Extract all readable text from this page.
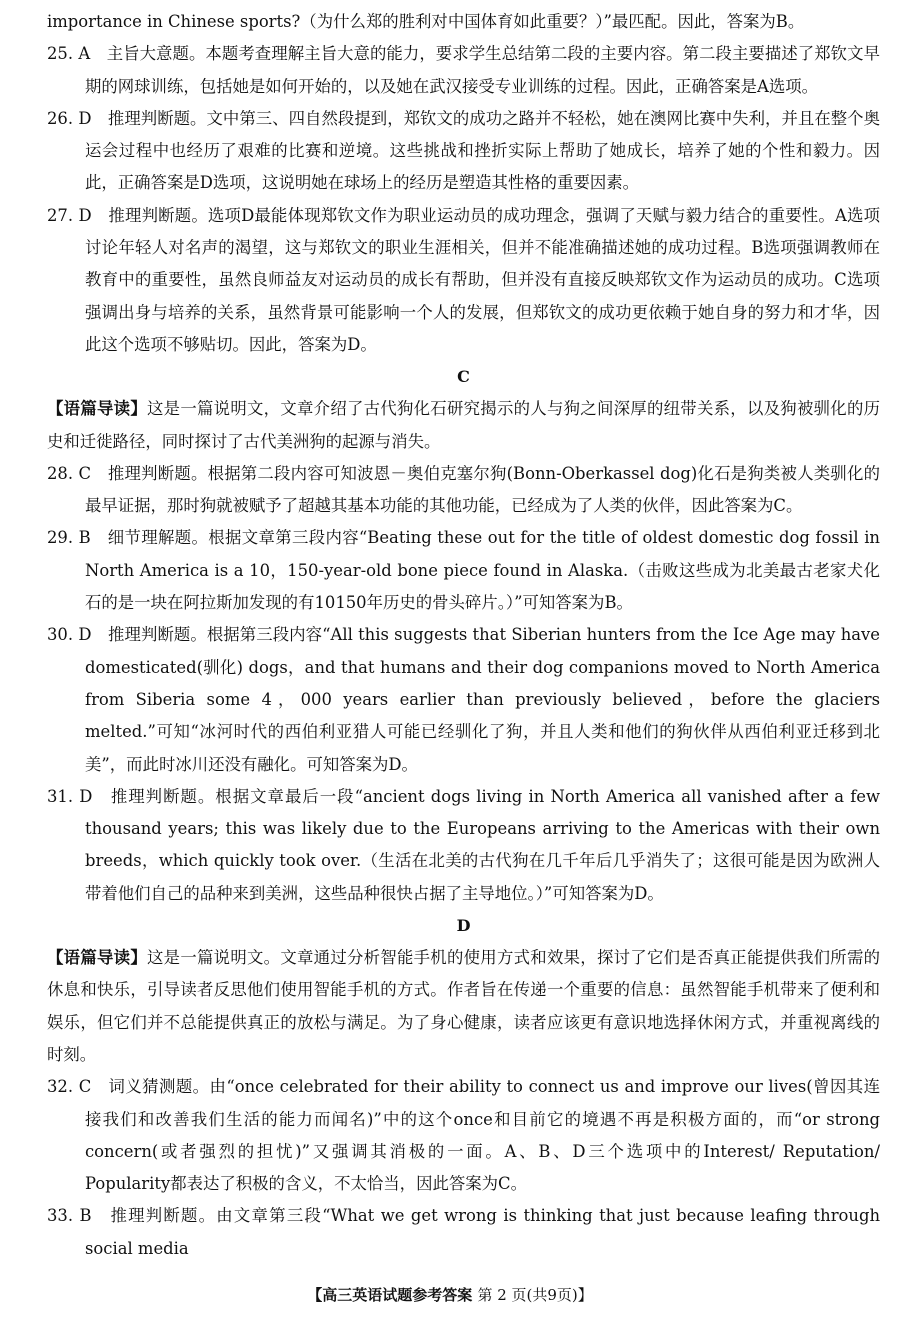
importance in Chinese sports?（为什么郑的胜利对中国体育如此重要？）”最匹配。因此，答案为B。

25. A　主旨大意题。本题考查理解主旨大意的能力，要求学生总结第二段的主要内容。第二段主要描述了郑钦文早期的网球训练，包括她是如何开始的，以及她在武汉接受专业训练的过程。因此，正确答案是A选项。

26. D　推理判断题。文中第三、四自然段提到，郑钦文的成功之路并不轻松，她在澳网比赛中失利，并且在整个奥运会过程中也经历了艰难的比赛和逆境。这些挑战和挫折实际上帮助了她成长，培养了她的个性和毅力。因此，正确答案是D选项，这说明她在球场上的经历是塑造其性格的重要因素。

27. D　推理判断题。选项D最能体现郑钦文作为职业运动员的成功理念，强调了天赋与毅力结合的重要性。A选项讨论年轻人对名声的渴望，这与郑钦文的职业生涯相关，但并不能准确描述她的成功过程。B选项强调教师在教育中的重要性，虽然良师益友对运动员的成长有帮助，但并没有直接反映郑钦文作为运动员的成功。C选项强调出身与培养的关系，虽然背景可能影响一个人的发展，但郑钦文的成功更依赖于她自身的努力和才华，因此这个选项不够贴切。因此，答案为D。

C

【语篇导读】这是一篇说明文，文章介绍了古代狗化石研究揭示的人与狗之间深厚的纽带关系，以及狗被驯化的历史和迁徙路径，同时探讨了古代美洲狗的起源与消失。

28. C　推理判断题。根据第二段内容可知波恩－奥伯克塞尔狗(Bonn-Oberkassel dog)化石是狗类被人类驯化的最早证据，那时狗就被赋予了超越其基本功能的其他功能，已经成为了人类的伙伴，因此答案为C。

29. B　细节理解题。根据文章第三段内容“Beating these out for the title of oldest domestic dog fossil in North America is a 10，150-year-old bone piece found in Alaska.（击败这些成为北美最古老家犬化石的是一块在阿拉斯加发现的有10150年历史的骨头碎片。）”可知答案为B。

30. D　推理判断题。根据第三段内容“All this suggests that Siberian hunters from the Ice Age may have domesticated(驯化) dogs，and that humans and their dog companions moved to North America from Siberia some 4，000 years earlier than previously believed，before the glaciers melted.”可知“冰河时代的西伯利亚猎人可能已经驯化了狗，并且人类和他们的狗伙伴从西伯利亚迁移到北美”，而此时冰川还没有融化。可知答案为D。

31. D　推理判断题。根据文章最后一段“ancient dogs living in North America all vanished after a few thousand years; this was likely due to the Europeans arriving to the Americas with their own breeds，which quickly took over.（生活在北美的古代狗在几千年后几乎消失了；这很可能是因为欧洲人带着他们自己的品种来到美洲，这些品种很快占据了主导地位。）”可知答案为D。

D

【语篇导读】这是一篇说明文。文章通过分析智能手机的使用方式和效果，探讨了它们是否真正能提供我们所需的休息和快乐，引导读者反思他们使用智能手机的方式。作者旨在传递一个重要的信息：虽然智能手机带来了便利和娱乐，但它们并不总能提供真正的放松与满足。为了身心健康，读者应该更有意识地选择休闲方式，并重视离线的时刻。

32. C　词义猜测题。由“once celebrated for their ability to connect us and improve our lives(曾因其连接我们和改善我们生活的能力而闻名)”中的这个once和目前它的境遇不再是积极方面的，而“or strong concern(或者强烈的担忧)”又强调其消极的一面。A、B、D三个选项中的Interest/ Reputation/ Popularity都表达了积极的含义，不太恰当，因此答案为C。

33. B　推理判断题。由文章第三段“What we get wrong is thinking that just because leafing through social media

【高三英语试题参考答案 第 2 页(共9页)】
